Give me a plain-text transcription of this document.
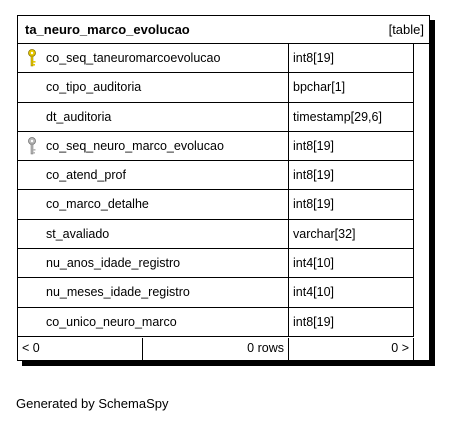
ta_neuro_marco_evolucao	[table]
co_seq_taneuromarcoevolucao	int8[19]
co_tipo_auditoria	bpchar[1]
dt_auditoria	timestamp[29,6]
co_seq_neuro_marco_evolucao	int8[19]
co_atend_prof	int8[19]
co_marco_detalhe	int8[19]
st_avaliado	varchar[32]
nu_anos_idade_registro	int4[10]
nu_meses_idade_registro	int4[10]
co_unico_neuro_marco	int8[19]
< 0	0 rows	0 >
Generated by SchemaSpy
